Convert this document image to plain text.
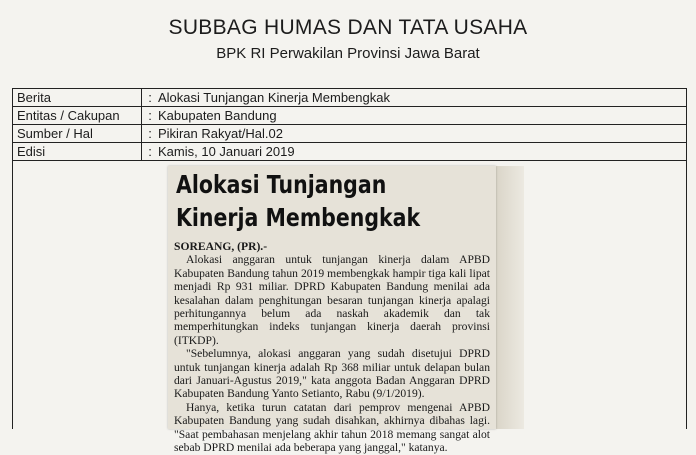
SUBBAG HUMAS DAN TATA USAHA
BPK RI Perwakilan Provinsi Jawa Barat
Berita	: Alokasi Tunjangan Kinerja Membengkak
Entitas / Cakupan	: Kabupaten Bandung
Sumber / Hal	: Pikiran Rakyat/Hal.02
Edisi	: Kamis, 10 Januari 2019
Alokasi Tunjangan
Kinerja Membengkak
SOREANG, (PR).-

Alokasi anggaran untuk tunjangan kinerja dalam APBD Kabupaten Bandung tahun 2019 membengkak hampir tiga kali lipat menjadi Rp 931 miliar. DPRD Kabupaten Bandung menilai ada kesalahan dalam penghitungan besaran tunjangan kinerja apalagi perhitungannya belum ada naskah akademik dan tak memperhitungkan indeks tunjangan kinerja daerah provinsi (ITKDP).

"Sebelumnya, alokasi anggaran yang sudah disetujui DPRD untuk tunjangan kinerja adalah Rp 368 miliar untuk delapan bulan dari Januari-Agustus 2019," kata anggota Badan Anggaran DPRD Kabupaten Bandung Yanto Setianto, Rabu (9/1/2019).

Hanya, ketika turun catatan dari pemprov mengenai APBD Kabupaten Bandung yang sudah disahkan, akhirnya dibahas lagi. "Saat pembahasan menjelang akhir tahun 2018 memang sangat alot sebab DPRD menilai ada beberapa yang janggal," katanya.
